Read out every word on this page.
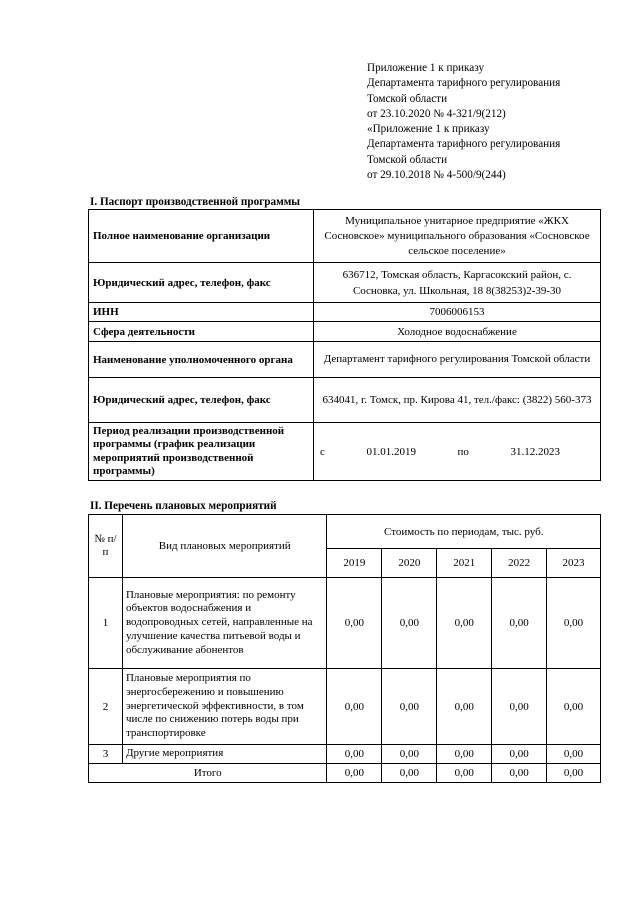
Приложение 1 к приказу
Департамента тарифного регулирования
Томской области
от 23.10.2020 № 4-321/9(212)
«Приложение 1 к приказу
Департамента тарифного регулирования
Томской области
от 29.10.2018 № 4-500/9(244)
I. Паспорт производственной программы
Полное наименование организации	Муниципальное унитарное предприятие «ЖКХ Сосновское» муниципального образования «Сосновское сельское поселение»
Юридический адрес, телефон, факс	636712, Томская область, Каргасокский район, с. Сосновка, ул. Школьная, 18 8(38253)2-39-30
ИНН	7006006153
Сфера деятельности	Холодное водоснабжение
Наименование уполномоченного органа	Департамент тарифного регулирования Томской области
Юридический адрес, телефон, факс	634041, г. Томск, пр. Кирова 41, тел./факс: (3822) 560-373
Период реализации производственной программы (график реализации мероприятий производственной программы)	с 01.01.2019 по 31.12.2023
II. Перечень плановых мероприятий
№ п/п	Вид плановых мероприятий	Стоимость по периодам, тыс. руб.				
		2019	2020	2021	2022	2023
1	Плановые мероприятия: по ремонту объектов водоснабжения и водопроводных сетей, направленные на улучшение качества питьевой воды и обслуживание абонентов	0,00	0,00	0,00	0,00	0,00
2	Плановые мероприятия по энергосбережению и повышению энергетической эффективности, в том числе по снижению потерь воды при транспортировке	0,00	0,00	0,00	0,00	0,00
3	Другие мероприятия	0,00	0,00	0,00	0,00	0,00
Итого		0,00	0,00	0,00	0,00	0,00
